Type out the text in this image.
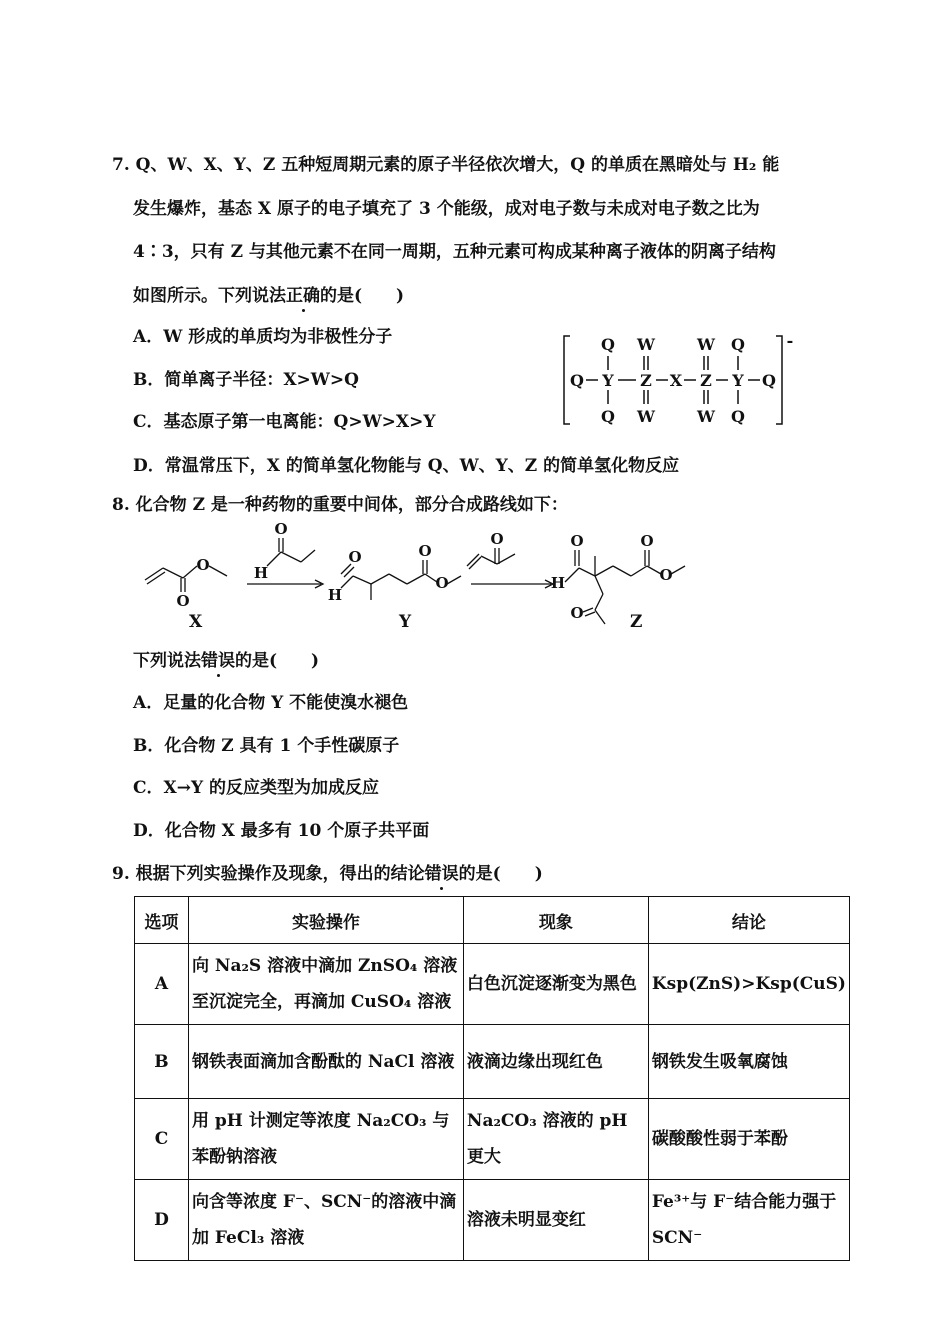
7. Q、W、X、Y、Z 五种短周期元素的原子半径依次增大，Q 的单质在黑暗处与 H₂ 能
发生爆炸，基态 X 原子的电子填充了 3 个能级，成对电子数与未成对电子数之比为
4∶3，只有 Z 与其他元素不在同一周期，五种元素可构成某种离子液体的阴离子结构
如图所示。下列说法正确的是(　　)
A．W 形成的单质均为非极性分子
B．简单离子半径：X>W>Q
C．基态原子第一电离能：Q>W>X>Y
D．常温常压下，X 的简单氢化物能与 Q、W、Y、Z 的简单氢化物反应
Q W	W Q
Q Y Z X Z Y Q
Q W	W Q
-
8. 化合物 Z 是一种药物的重要中间体，部分合成路线如下：
O
O
O
H
O
H
O
O
O	O
H
O
O
O
X	Y	Z
下列说法错误的是(　　)
A．足量的化合物 Y 不能使溴水褪色
B．化合物 Z 具有 1 个手性碳原子
C．X→Y 的反应类型为加成反应
D．化合物 X 最多有 10 个原子共平面
9. 根据下列实验操作及现象，得出的结论错误的是(　　)
选项	实验操作	现象	结论
A	向 Na₂S 溶液中滴加 ZnSO₄ 溶液至沉淀完全，再滴加 CuSO₄ 溶液	白色沉淀逐渐变为黑色	Ksp(ZnS)>Ksp(CuS)
B	钢铁表面滴加含酚酞的 NaCl 溶液	液滴边缘出现红色	钢铁发生吸氧腐蚀
C	用 pH 计测定等浓度 Na₂CO₃ 与苯酚钠溶液	Na₂CO₃ 溶液的 pH 更大	碳酸酸性弱于苯酚
D	向含等浓度 F⁻、SCN⁻的溶液中滴加 FeCl₃ 溶液	溶液未明显变红	Fe³⁺与 F⁻结合能力强于 SCN⁻
